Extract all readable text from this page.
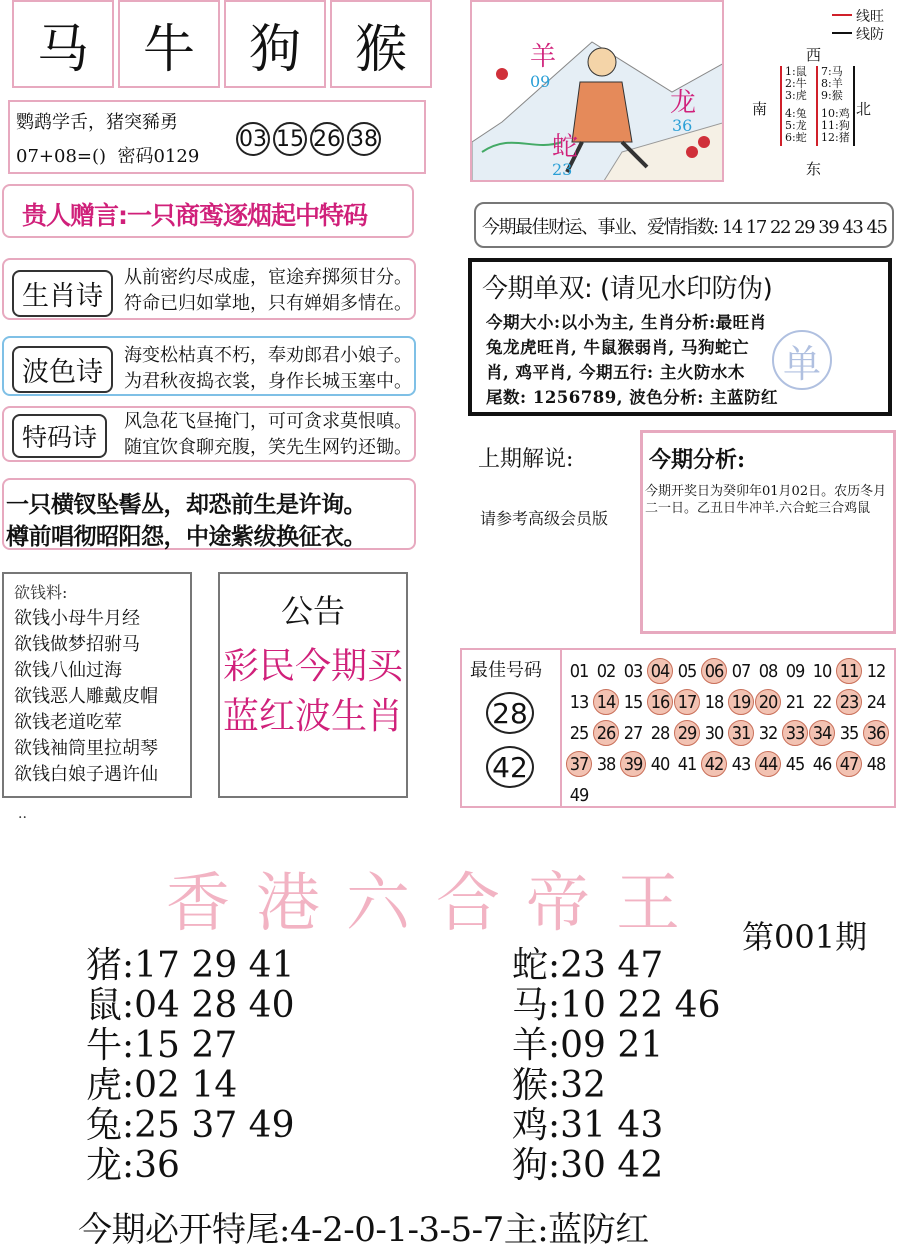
马	牛	狗	猴
鹦鹉学舌，猪突豨勇
07+08=()  密码0129
03 15 26 38
贵人赠言:一只商鸾逐烟起中特码
生肖诗
从前密约尽成虚，宦途弃掷须甘分。
符命已归如掌地，只有婵娟多情在。
波色诗
海变松枯真不朽，奉劝郎君小娘子。
为君秋夜捣衣裳，身作长城玉塞中。
特码诗
风急花飞昼掩门，可可贪求莫恨嗔。
随宜饮食聊充腹，笑先生网钓还锄。
一只横钗坠髻丛，却恐前生是许询。
樽前唱彻昭阳怨，中途紫绂换征衣。
欲钱料:
欲钱小母牛月经
欲钱做梦招驸马
欲钱八仙过海
欲钱恶人雕戴皮帽
欲钱老道吃荤
欲钱袖筒里拉胡琴
欲钱白娘子遇许仙
公告
彩民今期买
蓝红波生肖
..
羊
09
龙
36
蛇
23
线旺
线防
西
南	北
东
1:鼠
2:牛
3:虎
4:兔
5:龙
6:蛇
7:马
8:羊
9:猴
10:鸡
11:狗
12:猪
今期最佳财运、事业、爱情指数: 14 17 22 29 39 43 45
今期单双: (请见水印防伪)
单
今期大小:以小为主, 生肖分析:最旺肖
兔龙虎旺肖, 牛鼠猴弱肖, 马狗蛇亡
肖, 鸡平肖, 今期五行: 主火防水木
尾数: 1256789, 波色分析: 主蓝防红
上期解说:
请参考高级会员版
今期分析:
今期开奖日为癸卯年01月02日。农历冬月二一日。乙丑日牛冲羊.六合蛇三合鸡鼠
最佳号码
28
42
01 02 03 04 05 06 07 08 09 10 11 12
13 14 15 16 17 18 19 20 21 22 23 24
25 26 27 28 29 30 31 32 33 34 35 36
37 38 39 40 41 42 43 44 45 46 47 48
49
香港六合帝王 第001期
猪:17 29 41
鼠:04 28 40
牛:15 27
虎:02 14
兔:25 37 49
龙:36
蛇:23 47
马:10 22 46
羊:09 21
猴:32
鸡:31 43
狗:30 42
今期必开特尾:4-2-0-1-3-5-7主:蓝防红
